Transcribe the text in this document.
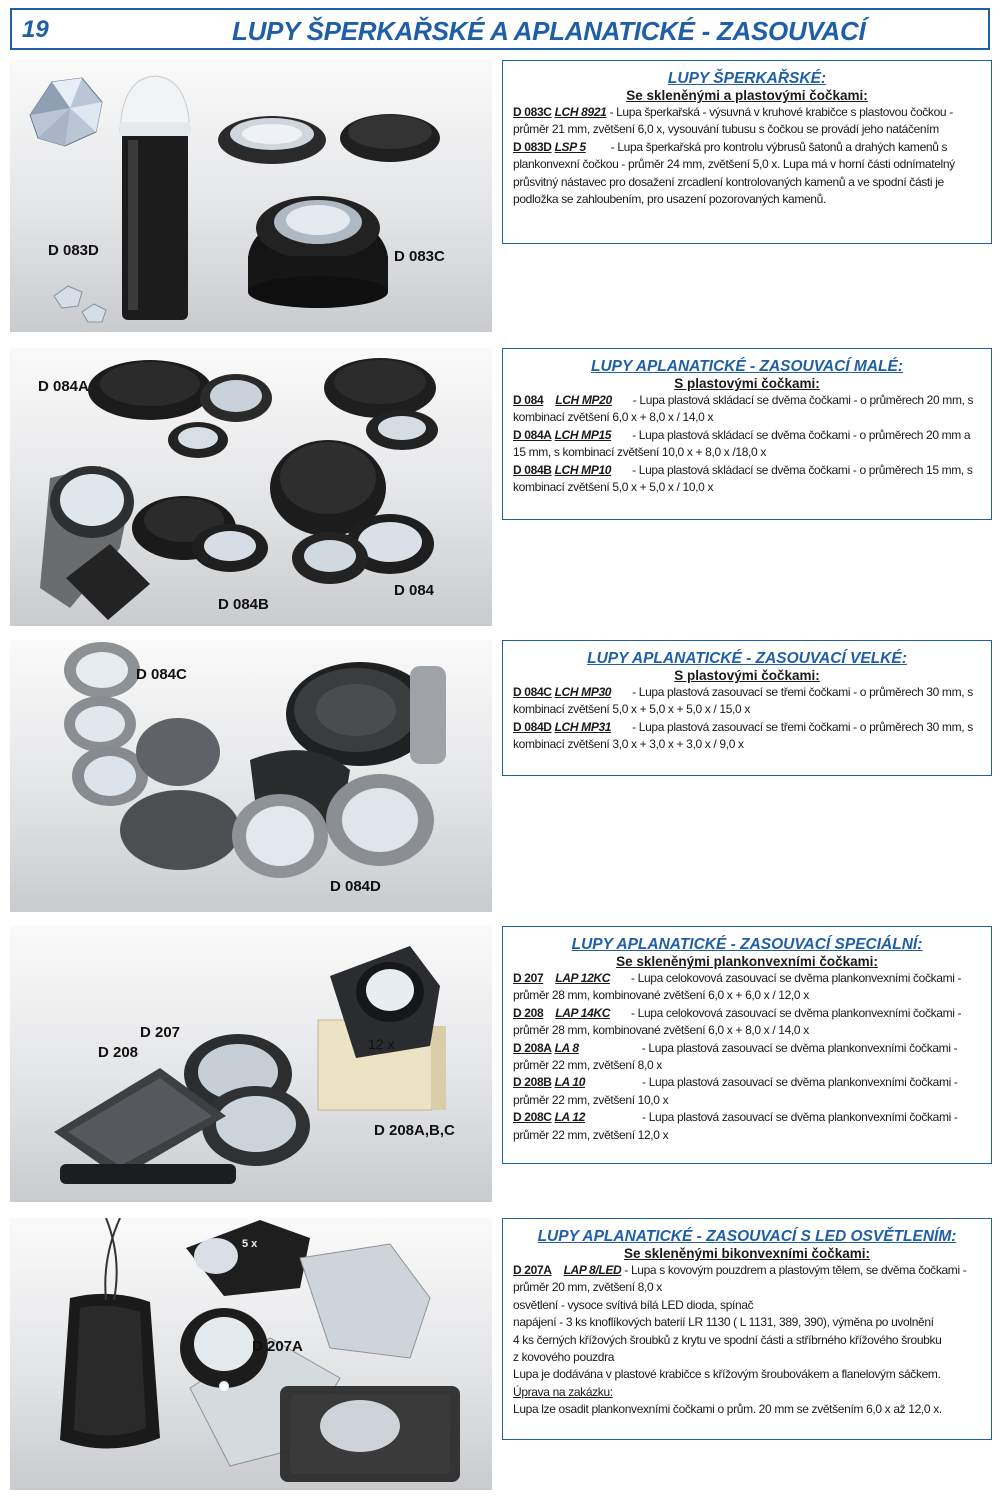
19	LUPY ŠPERKAŘSKÉ A APLANATICKÉ - ZASOUVACÍ
D 083D	D 083C
LUPY ŠPERKAŘSKÉ:
Se skleněnými a plastovými čočkami:
D 083C LCH 8921 - Lupa šperkařská - výsuvná v kruhové krabičce s plastovou čočkou - průměr 21 mm, zvětšení 6,0 x, vysouvání tubusu s čočkou se provádí jeho natáčením
D 083D LSP 5 - Lupa šperkařská pro kontrolu výbrusů šatonů a drahých kamenů s plankonvexní čočkou - průměr 24 mm, zvětšení 5,0 x. Lupa má v horní části odnímatelný průsvitný nástavec pro dosažení zrcadlení kontrolovaných kamenů a ve spodní části je podložka se zahloubením, pro usazení pozorovaných kamenů.
D 084A
D 084B
D 084
LUPY APLANATICKÉ - ZASOUVACÍ MALÉ:
S plastovými čočkami:
D 084 LCH MP20 - Lupa plastová skládací se dvěma čočkami - o průměrech 20 mm, s kombinací zvětšení 6,0 x + 8,0 x / 14,0 x
D 084A LCH MP15 - Lupa plastová skládací se dvěma čočkami - o průměrech 20 mm a 15 mm, s kombinací zvětšení 10,0 x + 8,0 x /18,0 x
D 084B LCH MP10 - Lupa plastová skládací se dvěma čočkami - o průměrech 15 mm, s kombinací zvětšení 5,0 x + 5,0 x / 10,0 x
D 084C
D 084D
LUPY APLANATICKÉ - ZASOUVACÍ VELKÉ:
S plastovými čočkami:
D 084C LCH MP30 - Lupa plastová zasouvací se třemi čočkami - o průměrech 30 mm, s kombinací zvětšení 5,0 x + 5,0 x + 5,0 x / 15,0 x
D 084D LCH MP31 - Lupa plastová zasouvací se třemi čočkami - o průměrech 30 mm, s kombinací zvětšení 3,0 x + 3,0 x + 3,0 x / 9,0 x
D 207
D 208
D 208A,B,C
12 x
LUPY APLANATICKÉ - ZASOUVACÍ SPECIÁLNÍ:
Se skleněnými plankonvexními čočkami:
D 207 LAP 12KC - Lupa celokovová zasouvací se dvěma plankonvexními čočkami - průměr 28 mm, kombinované zvětšení 6,0 x + 6,0 x / 12,0 x
D 208 LAP 14KC - Lupa celokovová zasouvací se dvěma plankonvexními čočkami - průměr 28 mm, kombinované zvětšení 6,0 x + 8,0 x / 14,0 x
D 208A LA 8	- Lupa plastová zasouvací se dvěma plankonvexními čočkami - průměr 22 mm, zvětšení 8,0 x
D 208B LA 10	- Lupa plastová zasouvací se dvěma plankonvexními čočkami - průměr 22 mm, zvětšení 10,0 x
D 208C LA 12	- Lupa plastová zasouvací se dvěma plankonvexními čočkami - průměr 22 mm, zvětšení 12,0 x
D 207A
5 x	LUPY APLANATICKÉ - ZASOUVACÍ S LED OSVĚTLENÍM:
Se skleněnými bikonvexními čočkami:
D 207A LAP 8/LED - Lupa s kovovým pouzdrem a plastovým tělem, se dvěma čočkami - průměr 20 mm, zvětšení 8,0 x
osvětlení - vysoce svítivá bílá LED dioda, spínač
napájení - 3 ks knoflíkových baterií LR 1130 ( L 1131, 389, 390), výměna po uvolnění
4 ks černých křížových šroubků z krytu ve spodní části a stříbrného křížového šroubku
z kovového pouzdra
Lupa je dodávána v plastové krabičce s křížovým šroubovákem a flanelovým sáčkem.
Úprava na zakázku:
Lupa lze osadit plankonvexními čočkami o prům. 20 mm se zvětšením 6,0 x až 12,0 x.
